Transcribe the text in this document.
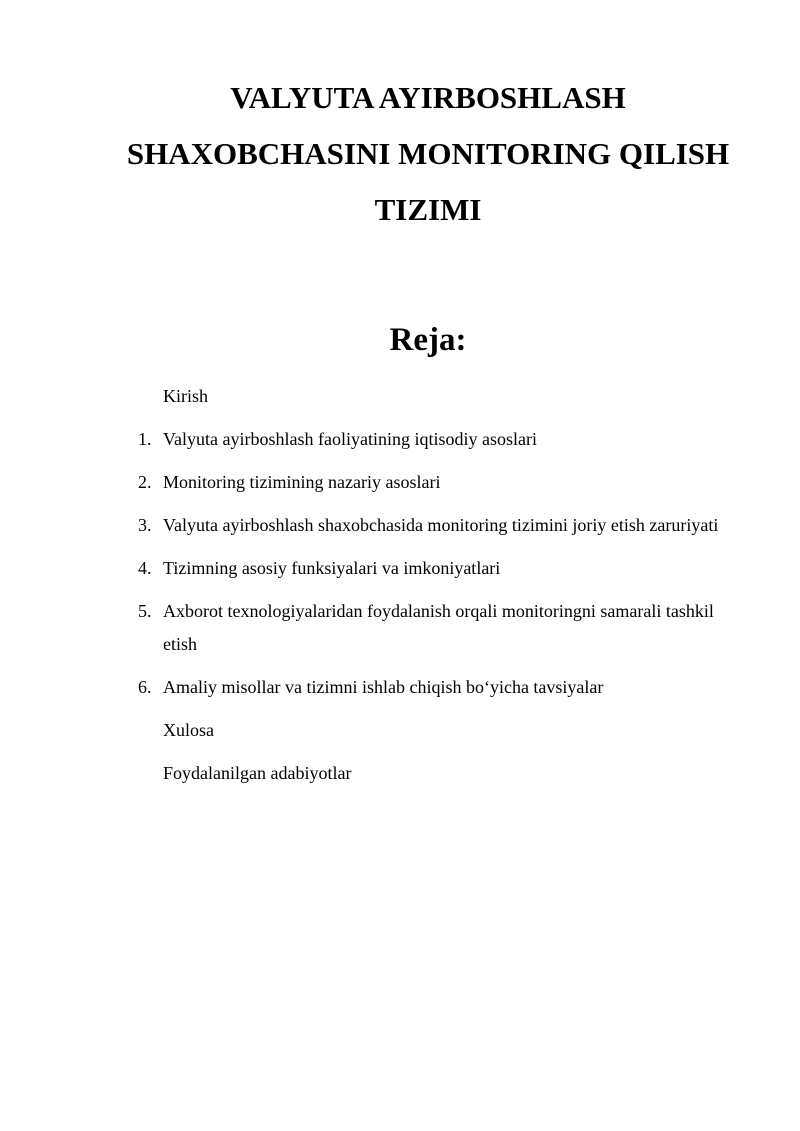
VALYUTA AYIRBOSHLASH
SHAXOBCHASINI MONITORING QILISH
TIZIMI
Reja:
Kirish
1. Valyuta ayirboshlash faoliyatining iqtisodiy asoslari
2. Monitoring tizimining nazariy asoslari
3. Valyuta ayirboshlash shaxobchasida monitoring tizimini joriy etish zaruriyati
4. Tizimning asosiy funksiyalari va imkoniyatlari
5. Axborot texnologiyalaridan foydalanish orqali monitoringni samarali tashkil etish
6. Amaliy misollar va tizimni ishlab chiqish bo‘yicha tavsiyalar
Xulosa
Foydalanilgan adabiyotlar
